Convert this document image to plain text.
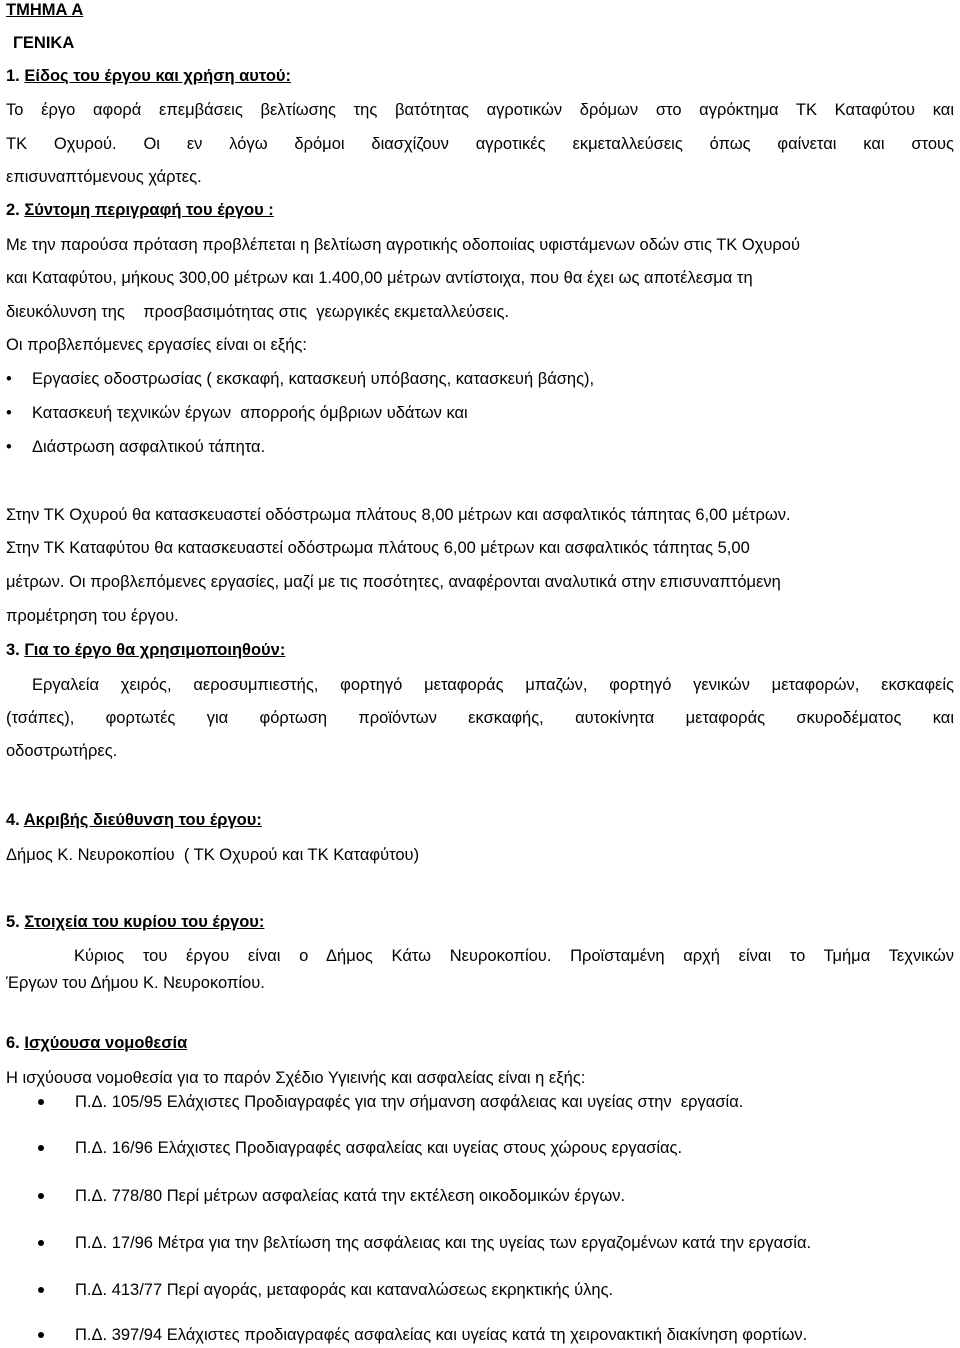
ΤΜΗΜΑ Α
ΓΕΝΙΚΑ
1. Είδος του έργου και χρήση αυτού:
Το έργο αφορά επεμβάσεις βελτίωσης της βατότητας αγροτικών δρόμων στο αγρόκτημα ΤΚ Καταφύτου και
ΤΚ Οχυρού. Οι εν λόγω δρόμοι διασχίζουν αγροτικές εκμεταλλεύσεις όπως φαίνεται και στους
επισυναπτόμενους χάρτες.
2. Σύντομη περιγραφή του έργου :
Με την παρούσα πρόταση προβλέπεται η βελτίωση αγροτικής οδοποιίας υφιστάμενων οδών στις ΤΚ Οχυρού
και Καταφύτου, μήκους 300,00 μέτρων και 1.400,00 μέτρων αντίστοιχα, που θα έχει ως αποτέλεσμα τη
διευκόλυνση της    προσβασιμότητας στις  γεωργικές εκμεταλλεύσεις.
Οι προβλεπόμενες εργασίες είναι οι εξής:
• Εργασίες οδοστρωσίας ( εκσκαφή, κατασκευή υπόβασης, κατασκευή βάσης),
• Κατασκευή τεχνικών έργων  απορροής όμβριων υδάτων και
• Διάστρωση ασφαλτικού τάπητα.
Στην ΤΚ Οχυρού θα κατασκευαστεί οδόστρωμα πλάτους 8,00 μέτρων και ασφαλτικός τάπητας 6,00 μέτρων.
Στην ΤΚ Καταφύτου θα κατασκευαστεί οδόστρωμα πλάτους 6,00 μέτρων και ασφαλτικός τάπητας 5,00
μέτρων. Οι προβλεπόμενες εργασίες, μαζί με τις ποσότητες, αναφέρονται αναλυτικά στην επισυναπτόμενη
προμέτρηση του έργου.
3. Για το έργο θα χρησιμοποιηθούν:
Εργαλεία χειρός, αεροσυμπιεστής, φορτηγό μεταφοράς μπαζών, φορτηγό γενικών μεταφορών, εκσκαφείς
(τσάπες), φορτωτές για φόρτωση προϊόντων εκσκαφής, αυτοκίνητα μεταφοράς σκυροδέματος και
οδοστρωτήρες.
4. Ακριβής διεύθυνση του έργου:
Δήμος Κ. Νευροκοπίου  ( ΤΚ Οχυρού και ΤΚ Καταφύτου)
5. Στοιχεία του κυρίου του έργου:
Κύριος του έργου είναι ο Δήμος Κάτω Νευροκοπίου. Προϊσταμένη αρχή είναι το Τμήμα Τεχνικών
Έργων του Δήμου Κ. Νευροκοπίου.
6. Ισχύουσα νομοθεσία
Η ισχύουσα νομοθεσία για το παρόν Σχέδιο Υγιεινής και ασφαλείας είναι η εξής:
Π.Δ. 105/95 Ελάχιστες Προδιαγραφές για την σήμανση ασφάλειας και υγείας στην  εργασία.
Π.Δ. 16/96 Ελάχιστες Προδιαγραφές ασφαλείας και υγείας στους χώρους εργασίας.
Π.Δ. 778/80 Περί μέτρων ασφαλείας κατά την εκτέλεση οικοδομικών έργων.
Π.Δ. 17/96 Μέτρα για την βελτίωση της ασφάλειας και της υγείας των εργαζομένων κατά την εργασία.
Π.Δ. 413/77 Περί αγοράς, μεταφοράς και καταναλώσεως εκρηκτικής ύλης.
Π.Δ. 397/94 Ελάχιστες προδιαγραφές ασφαλείας και υγείας κατά τη χειρονακτική διακίνηση φορτίων.
